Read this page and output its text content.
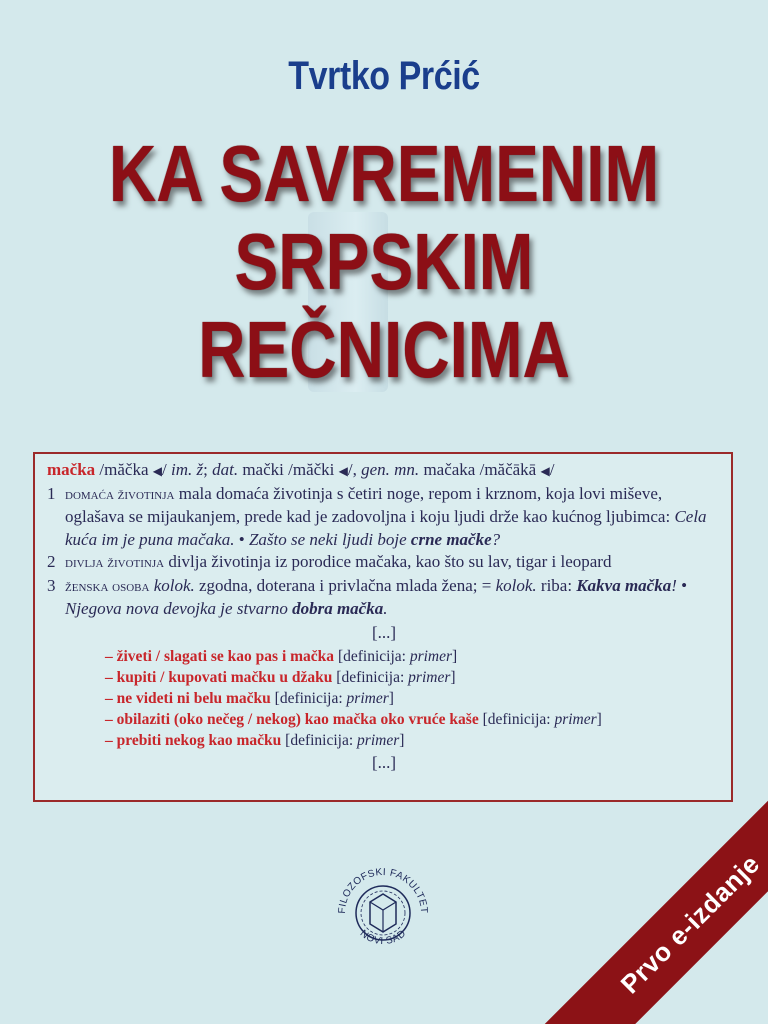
Tvrtko Prćić
KA SAVREMENIM
SRPSKIM
REČNICIMA
mačka /măčka ◀/ im. ž; dat. mački /măčki ◀/, gen. mn. mačaka /măčākā ◀/
1 domaća životinja mala domaća životinja s četiri noge, repom i krznom, koja lovi miševe, oglašava se mijaukanjem, prede kad je zadovoljna i koju ljudi drže kao kućnog ljubimca: Cela kuća im je puna mačaka. • Zašto se neki ljudi boje crne mačke?
2 divlja životinja divlja životinja iz porodice mačaka, kao što su lav, tigar i leopard
3 ženska osoba kolok. zgodna, doterana i privlačna mlada žena; = kolok. riba: Kakva mačka! • Njegova nova devojka je stvarno dobra mačka.
[...]
– živeti / slagati se kao pas i mačka [definicija: primer]
– kupiti / kupovati mačku u džaku [definicija: primer]
– ne videti ni belu mačku [definicija: primer]
– obilaziti (oko nečeg / nekog) kao mačka oko vruće kaše [definicija: primer]
– prebiti nekog kao mačku [definicija: primer]
[...]
FILOZOFSKI FAKULTET
NOVI SAD	Prvo e-izdanje
